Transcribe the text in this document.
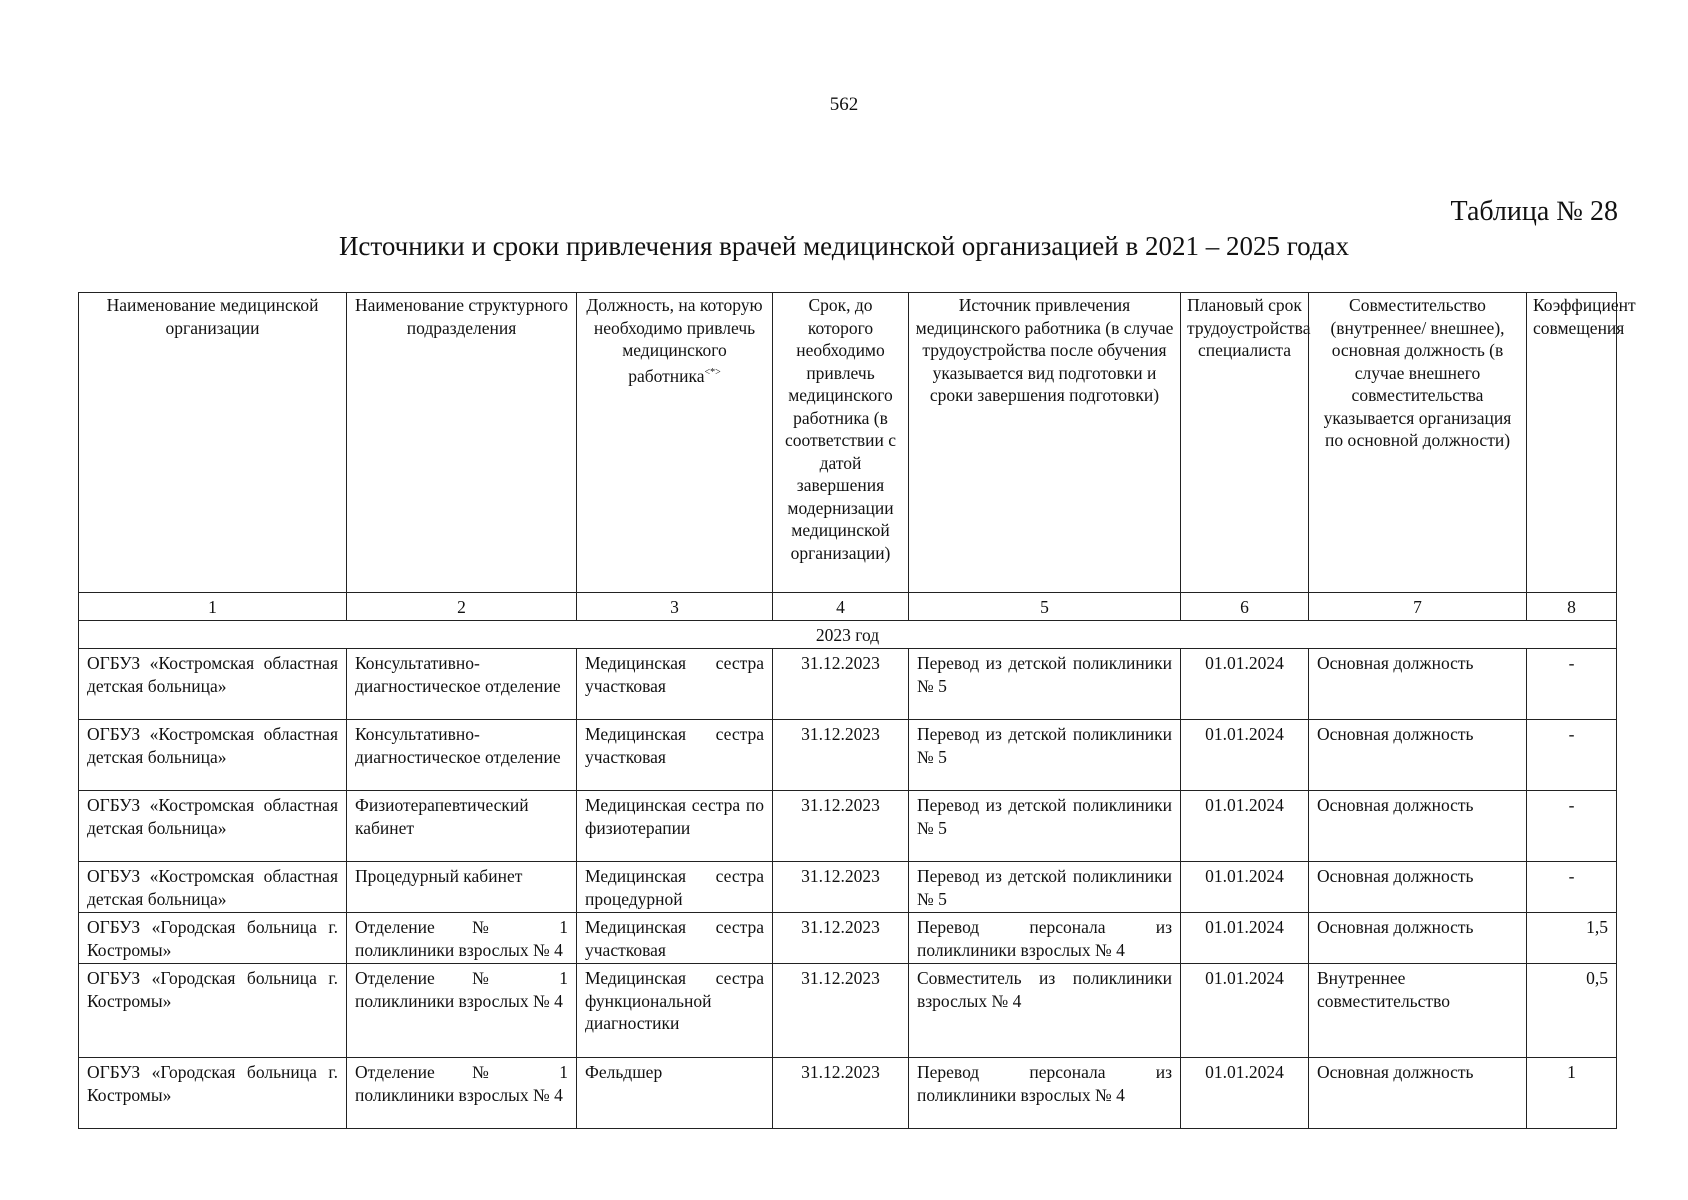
562
Таблица № 28
Источники и сроки привлечения врачей медицинской организацией в 2021 – 2025 годах
Наименование медицинской организации	Наименование структурного подразделения	Должность, на которую необходимо привлечь медицинского работника<*>	Срок, до которого необходимо привлечь медицинского работника (в соответствии с датой завершения модернизации медицинской организации)	Источник привлечения медицинского работника (в случае трудоустройства после обучения указывается вид подготовки и сроки завершения подготовки)	Плановый срок трудоустройства специалиста	Совместительство (внутреннее/ внешнее), основная должность (в случае внешнего совместительства указывается организация по основной должности)	Коэффициент совмещения
1	2	3	4	5	6	7	8
2023 год							
ОГБУЗ «Костромская областная детская больница»	Консультативно-диагностическое отделение	Медицинская сестра участковая	31.12.2023	Перевод из детской поликлиники № 5	01.01.2024	Основная должность	-
ОГБУЗ «Костромская областная детская больница»	Консультативно-диагностическое отделение	Медицинская сестра участковая	31.12.2023	Перевод из детской поликлиники № 5	01.01.2024	Основная должность	-
ОГБУЗ «Костромская областная детская больница»	Физиотерапевтический кабинет	Медицинская сестра по физиотерапии	31.12.2023	Перевод из детской поликлиники № 5	01.01.2024	Основная должность	-
ОГБУЗ «Костромская областная детская больница»	Процедурный кабинет	Медицинская сестра процедурной	31.12.2023	Перевод из детской поликлиники № 5	01.01.2024	Основная должность	-
ОГБУЗ «Городская больница г. Костромы»	Отделение № 1 поликлиники взрослых № 4	Медицинская сестра участковая	31.12.2023	Перевод персонала из поликлиники взрослых № 4	01.01.2024	Основная должность	1,5
ОГБУЗ «Городская больница г. Костромы»	Отделение № 1 поликлиники взрослых № 4	Медицинская сестра функциональной диагностики	31.12.2023	Совместитель из поликлиники взрослых № 4	01.01.2024	Внутреннее совместительство	0,5
ОГБУЗ «Городская больница г. Костромы»	Отделение № 1 поликлиники взрослых № 4	Фельдшер	31.12.2023	Перевод персонала из поликлиники взрослых № 4	01.01.2024	Основная должность	1
